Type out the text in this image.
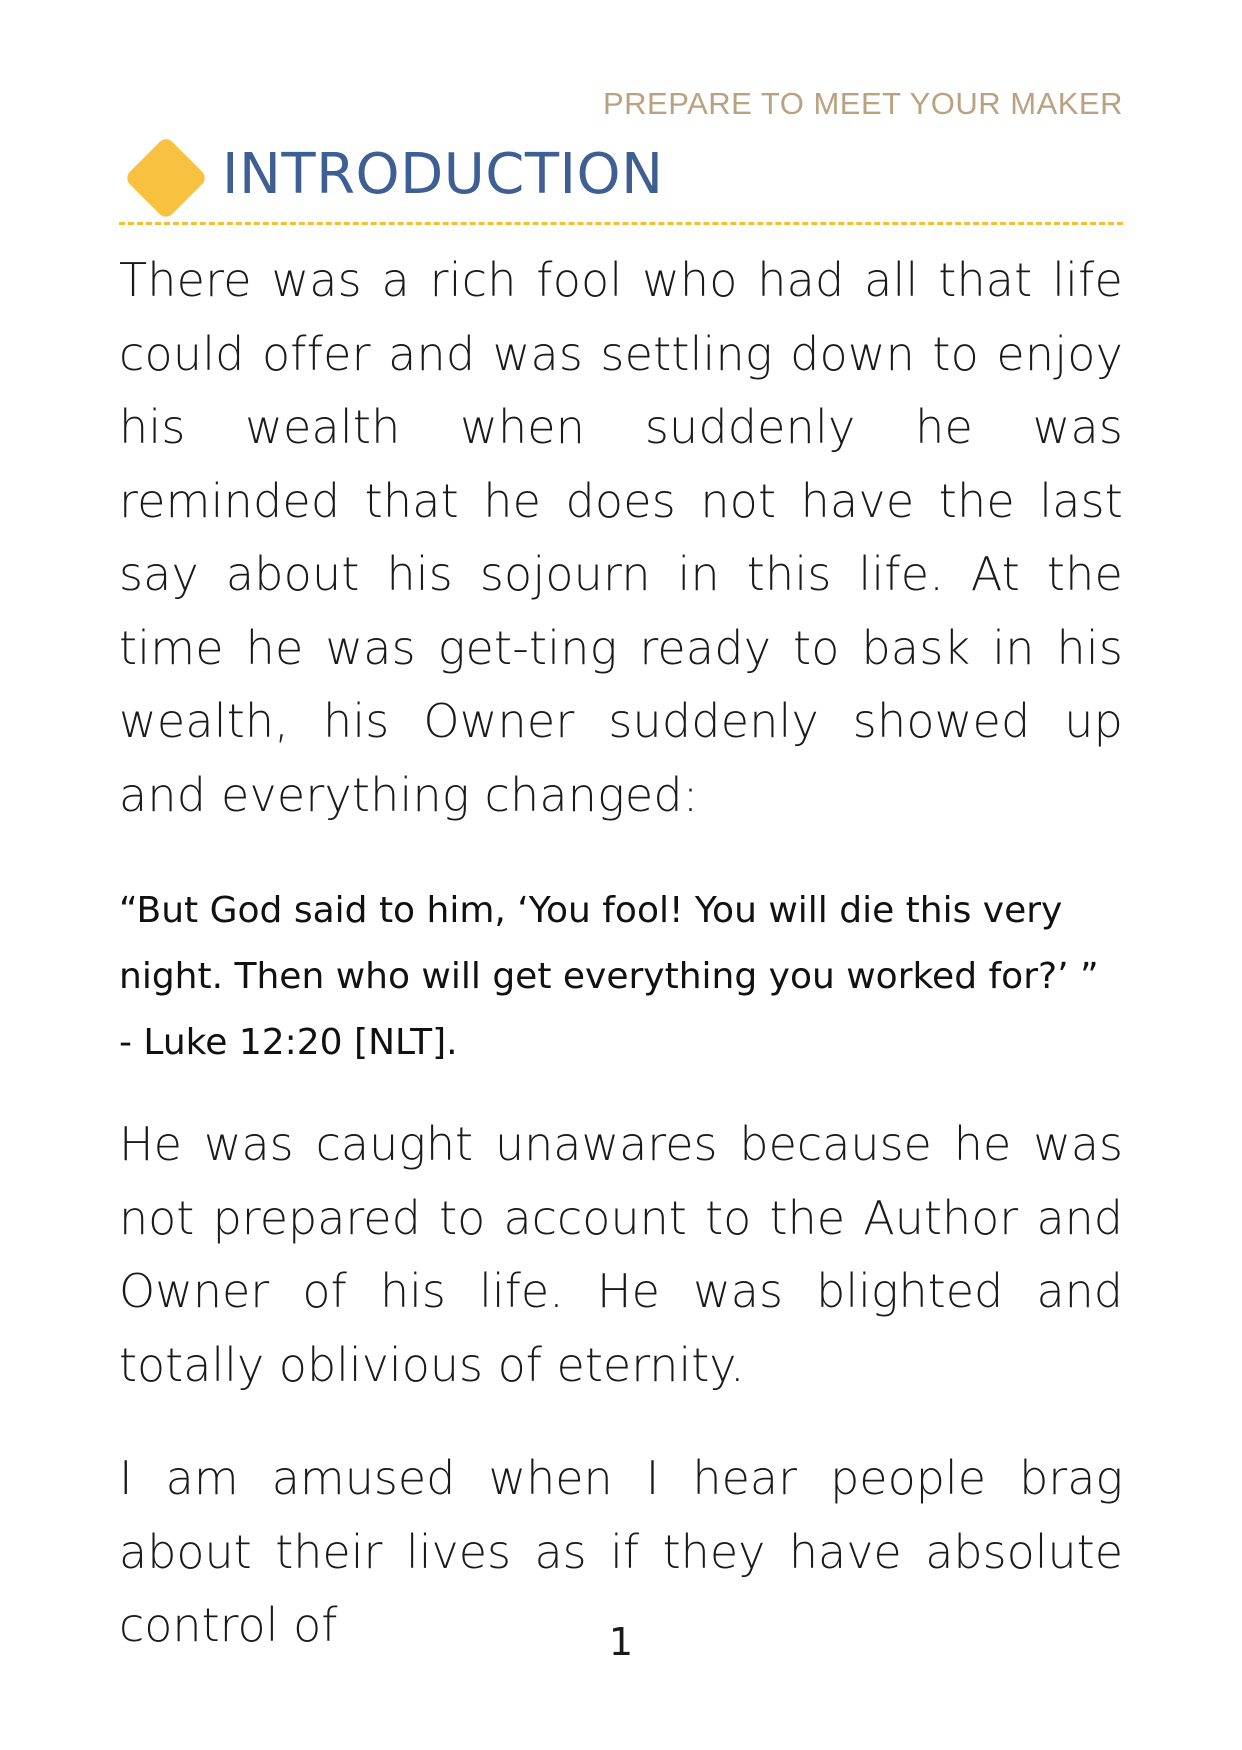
PREPARE TO MEET YOUR MAKER
INTRODUCTION

There was a rich fool who had all that life could offer and was settling down to enjoy his wealth when suddenly he was reminded that he does not have the last say about his sojourn in this life. At the time he was get-ting ready to bask in his wealth, his Owner suddenly showed up and everything changed:

“But God said to him, ‘You fool! You will die this very night. Then who will get everything you worked for?’ ” - Luke 12:20 [NLT].

He was caught unawares because he was not prepared to account to the Author and Owner of his life. He was blighted and totally oblivious of eternity.

I am amused when I hear people brag about their lives as if they have absolute control of	1
